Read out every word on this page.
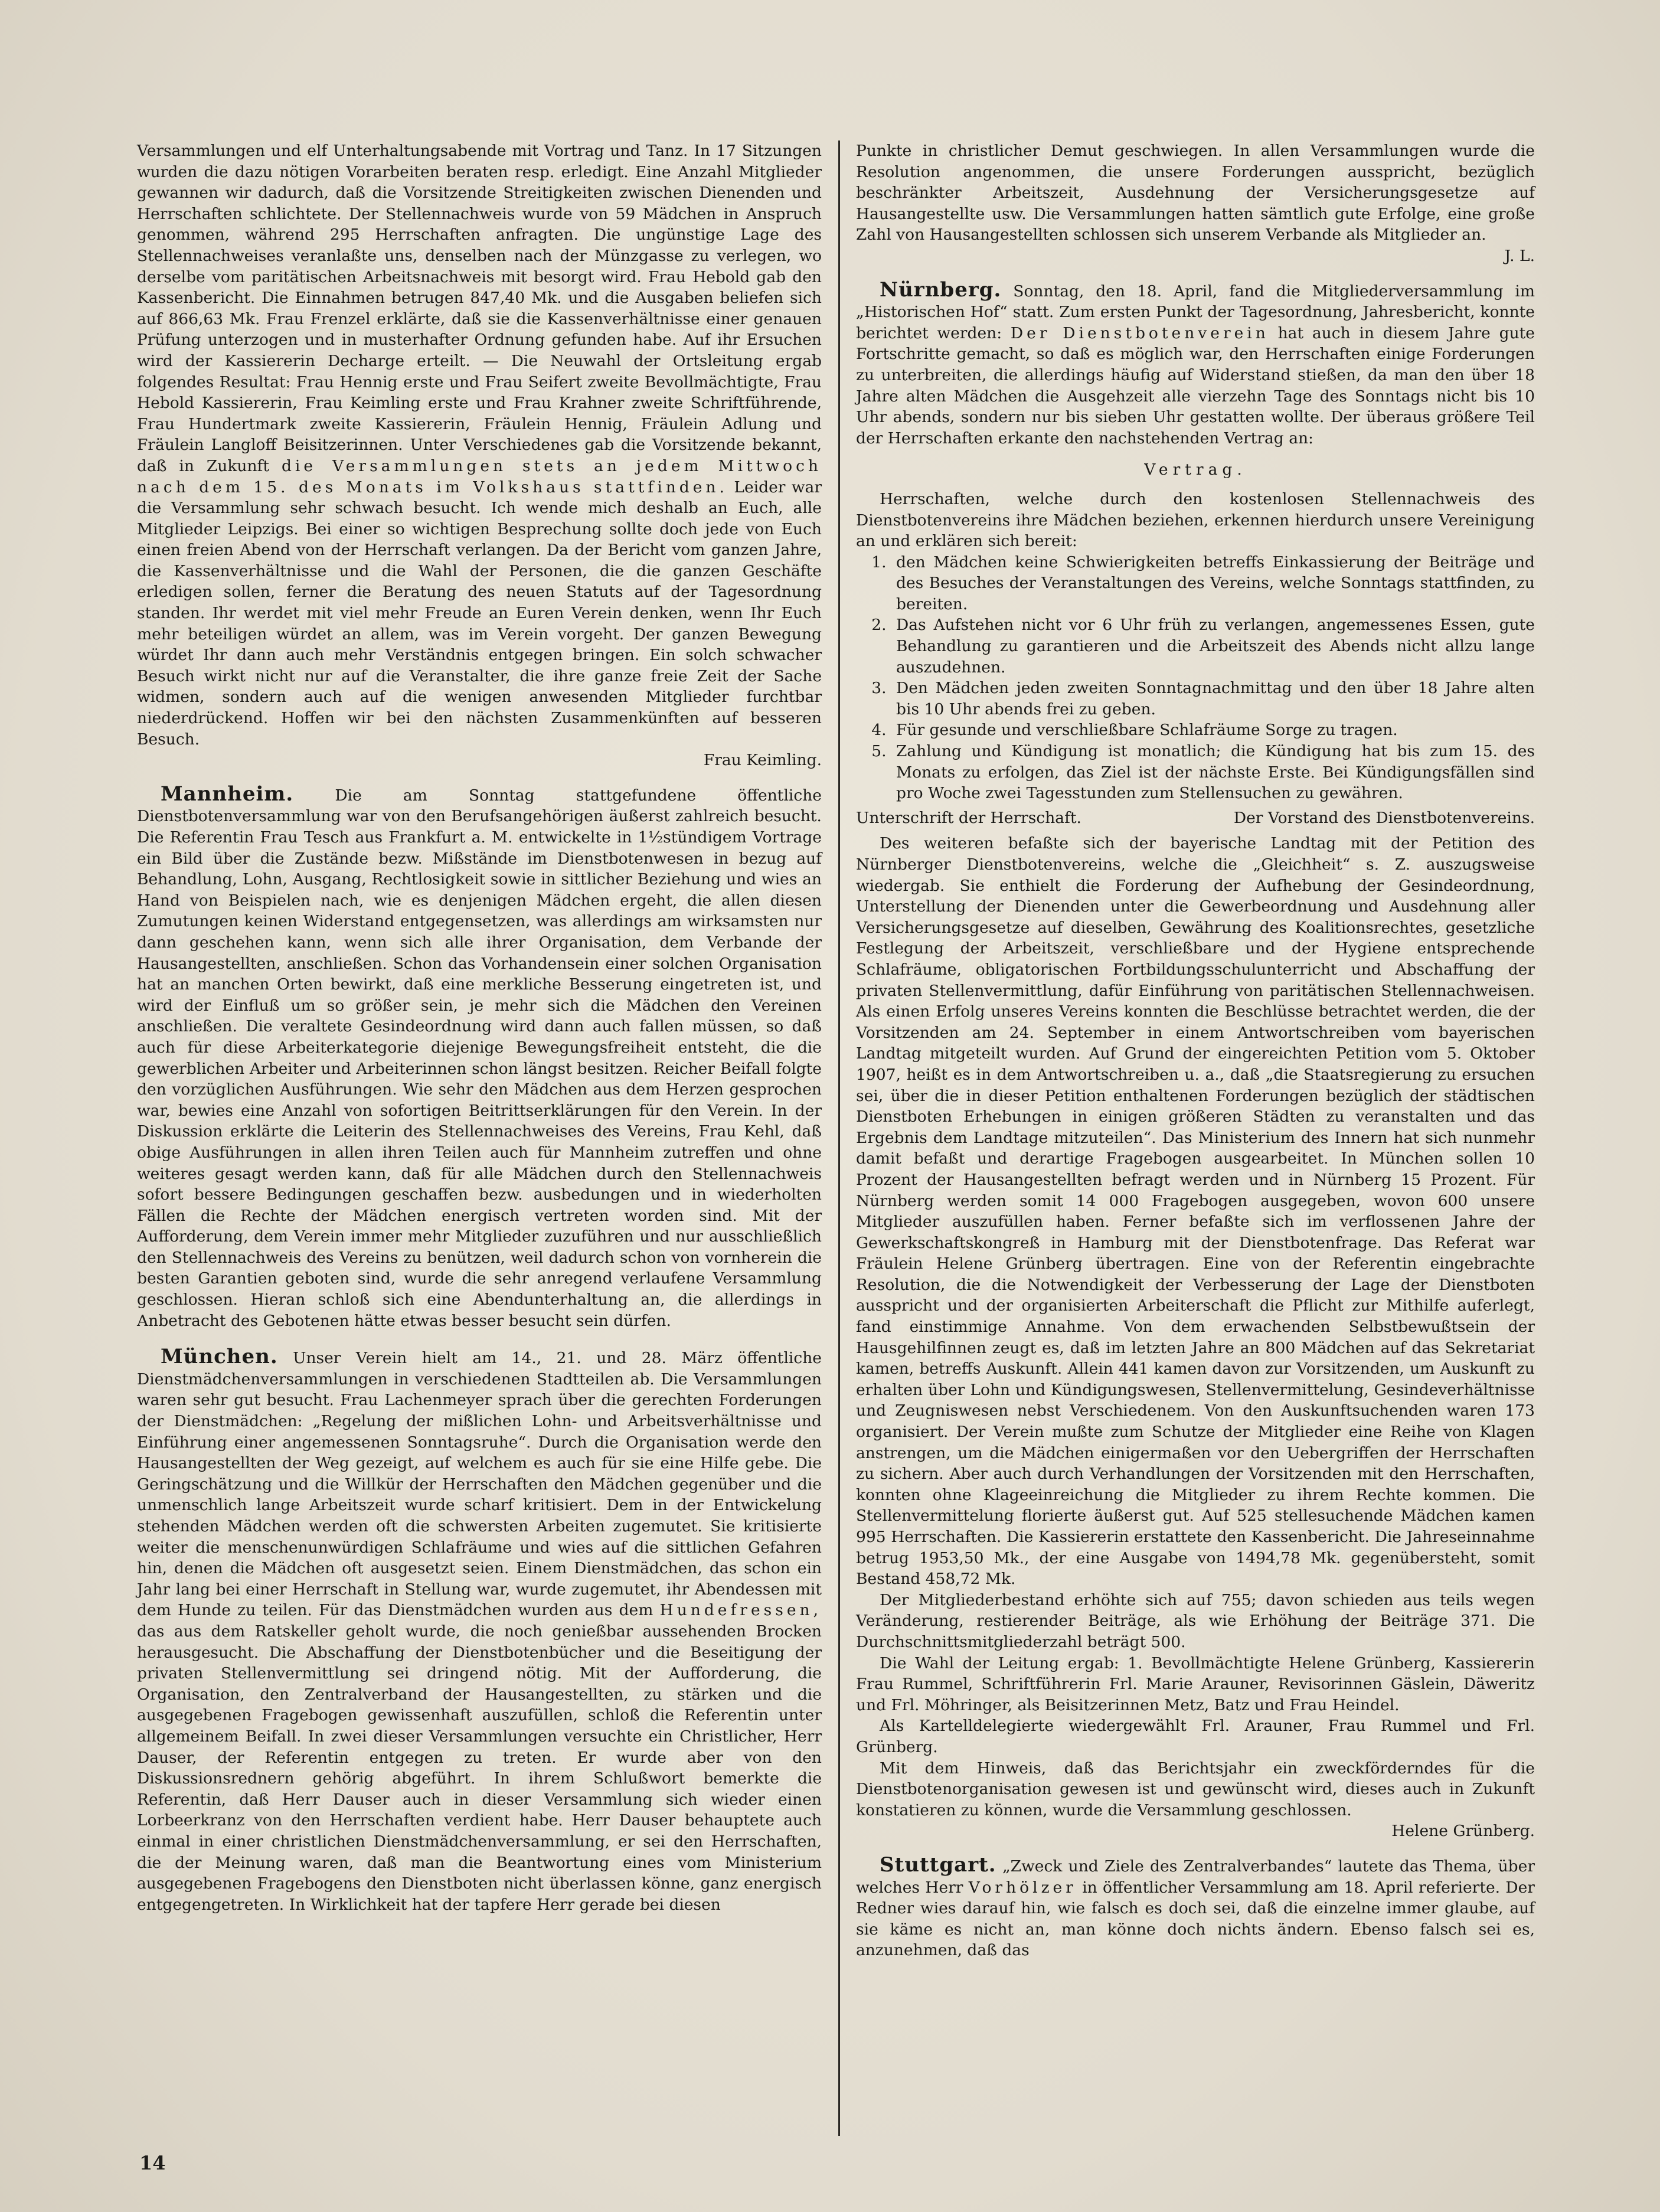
Versammlungen und elf Unterhaltungsabende mit Vortrag und Tanz. In 17 Sitzungen wurden die dazu nötigen Vorarbeiten beraten resp. erledigt. Eine Anzahl Mitglieder gewannen wir dadurch, daß die Vorsitzende Streitigkeiten zwischen Dienenden und Herrschaften schlichtete. Der Stellennachweis wurde von 59 Mädchen in Anspruch genommen, während 295 Herrschaften anfragten. Die ungünstige Lage des Stellennachweises veranlaßte uns, denselben nach der Münzgasse zu verlegen, wo derselbe vom paritätischen Arbeitsnachweis mit besorgt wird. Frau Hebold gab den Kassenbericht. Die Einnahmen betrugen 847,40 Mk. und die Ausgaben beliefen sich auf 866,63 Mk. Frau Frenzel erklärte, daß sie die Kassenverhältnisse einer genauen Prüfung unterzogen und in musterhafter Ordnung gefunden habe. Auf ihr Ersuchen wird der Kassiererin Decharge erteilt. — Die Neuwahl der Ortsleitung ergab folgendes Resultat: Frau Hennig erste und Frau Seifert zweite Bevollmächtigte, Frau Hebold Kassiererin, Frau Keimling erste und Frau Krahner zweite Schriftführende, Frau Hundertmark zweite Kassiererin, Fräulein Hennig, Fräulein Adlung und Fräulein Langloff Beisitzerinnen. Unter Verschiedenes gab die Vorsitzende bekannt, daß in Zukunft die Versammlungen stets an jedem Mittwoch nach dem 15. des Monats im Volkshaus stattfinden. Leider war die Versammlung sehr schwach besucht. Ich wende mich deshalb an Euch, alle Mitglieder Leipzigs. Bei einer so wichtigen Besprechung sollte doch jede von Euch einen freien Abend von der Herrschaft verlangen. Da der Bericht vom ganzen Jahre, die Kassenverhältnisse und die Wahl der Personen, die die ganzen Geschäfte erledigen sollen, ferner die Beratung des neuen Statuts auf der Tagesordnung standen. Ihr werdet mit viel mehr Freude an Euren Verein denken, wenn Ihr Euch mehr beteiligen würdet an allem, was im Verein vorgeht. Der ganzen Bewegung würdet Ihr dann auch mehr Verständnis entgegen bringen. Ein solch schwacher Besuch wirkt nicht nur auf die Veranstalter, die ihre ganze freie Zeit der Sache widmen, sondern auch auf die wenigen anwesenden Mitglieder furchtbar niederdrückend. Hoffen wir bei den nächsten Zusammenkünften auf besseren Besuch.

Frau Keimling.

Mannheim.	Die am Sonntag stattgefundene öffentliche Dienstbotenversammlung war von den Berufsangehörigen äußerst zahlreich besucht. Die Referentin Frau Tesch aus Frankfurt a. M. entwickelte in 1½stündigem Vortrage ein Bild über die Zustände bezw. Mißstände im Dienstbotenwesen in bezug auf Behandlung, Lohn, Ausgang, Rechtlosigkeit sowie in sittlicher Beziehung und wies an Hand von Beispielen nach, wie es denjenigen Mädchen ergeht, die allen diesen Zumutungen keinen Widerstand entgegensetzen, was allerdings am wirksamsten nur dann geschehen kann, wenn sich alle ihrer Organisation, dem Verbande der Hausangestellten, anschließen. Schon das Vorhandensein einer solchen Organisation hat an manchen Orten bewirkt, daß eine merkliche Besserung eingetreten ist, und wird der Einfluß um so größer sein, je mehr sich die Mädchen den Vereinen anschließen. Die veraltete Gesindeordnung wird dann auch fallen müssen, so daß auch für diese Arbeiterkategorie diejenige Bewegungsfreiheit entsteht, die die gewerblichen Arbeiter und Arbeiterinnen schon längst besitzen. Reicher Beifall folgte den vorzüglichen Ausführungen. Wie sehr den Mädchen aus dem Herzen gesprochen war, bewies eine Anzahl von sofortigen Beitrittserklärungen für den Verein. In der Diskussion erklärte die Leiterin des Stellennachweises des Vereins, Frau Kehl, daß obige Ausführungen in allen ihren Teilen auch für Mannheim zutreffen und ohne weiteres gesagt werden kann, daß für alle Mädchen durch den Stellennachweis sofort bessere Bedingungen geschaffen bezw. ausbedungen und in wiederholten Fällen die Rechte der Mädchen energisch vertreten worden sind. Mit der Aufforderung, dem Verein immer mehr Mitglieder zuzuführen und nur ausschließlich den Stellennachweis des Vereins zu benützen, weil dadurch schon von vornherein die besten Garantien geboten sind, wurde die sehr anregend verlaufene Versammlung geschlossen. Hieran schloß sich eine Abendunterhaltung an, die allerdings in Anbetracht des Gebotenen hätte etwas besser besucht sein dürfen.

München. Unser Verein hielt am 14., 21. und 28. März öffentliche Dienstmädchenversammlungen in verschiedenen Stadtteilen ab. Die Versammlungen waren sehr gut besucht. Frau Lachenmeyer sprach über die gerechten Forderungen der Dienstmädchen: „Regelung der mißlichen Lohn- und Arbeitsverhältnisse und Einführung einer angemessenen Sonntagsruhe“. Durch die Organisation werde den Hausangestellten der Weg gezeigt, auf welchem es auch für sie eine Hilfe gebe. Die Geringschätzung und die Willkür der Herrschaften den Mädchen gegenüber und die unmenschlich lange Arbeitszeit wurde scharf kritisiert. Dem in der Entwickelung stehenden Mädchen werden oft die schwersten Arbeiten zugemutet. Sie kritisierte weiter die menschenunwürdigen Schlafräume und wies auf die sittlichen Gefahren hin, denen die Mädchen oft ausgesetzt seien. Einem Dienstmädchen, das schon ein Jahr lang bei einer Herrschaft in Stellung war, wurde zugemutet, ihr Abendessen mit dem Hunde zu teilen. Für das Dienstmädchen wurden aus dem Hundefressen, das aus dem Ratskeller geholt wurde, die noch genießbar aussehenden Brocken herausgesucht. Die Abschaffung der Dienstbotenbücher und die Beseitigung der privaten Stellenvermittlung sei dringend nötig. Mit der Aufforderung, die Organisation, den Zentralverband der Hausangestellten, zu stärken und die ausgegebenen Fragebogen gewissenhaft auszufüllen, schloß die Referentin unter allgemeinem Beifall. In zwei dieser Versammlungen versuchte ein Christlicher, Herr Dauser, der Referentin entgegen zu treten. Er wurde aber von den Diskussionsrednern gehörig abgeführt. In ihrem Schlußwort bemerkte die Referentin, daß Herr Dauser auch in dieser Versammlung sich wieder einen Lorbeerkranz von den Herrschaften verdient habe. Herr Dauser behauptete auch einmal in einer christlichen Dienstmädchenversammlung, er sei den Herrschaften, die der Meinung waren, daß man die Beantwortung eines vom Ministerium ausgegebenen Fragebogens den Dienstboten nicht überlassen könne, ganz energisch entgegengetreten. In Wirklichkeit hat der tapfere Herr gerade bei diesen

Punkte in christlicher Demut geschwiegen. In allen Versammlungen wurde die Resolution angenommen, die unsere Forderungen ausspricht, bezüglich beschränkter Arbeitszeit, Ausdehnung der Versicherungsgesetze auf Hausangestellte usw. Die Versammlungen hatten sämtlich gute Erfolge, eine große Zahl von Hausangestellten schlossen sich unserem Verbande als Mitglieder an.

J. L.

Nürnberg. Sonntag, den 18. April, fand die Mitgliederversammlung im „Historischen Hof“ statt. Zum ersten Punkt der Tagesordnung, Jahresbericht, konnte berichtet werden: Der Dienstbotenverein hat auch in diesem Jahre gute Fortschritte gemacht, so daß es möglich war, den Herrschaften einige Forderungen zu unterbreiten, die allerdings häufig auf Widerstand stießen, da man den über 18 Jahre alten Mädchen die Ausgehzeit alle vierzehn Tage des Sonntags nicht bis 10 Uhr abends, sondern nur bis sieben Uhr gestatten wollte. Der überaus größere Teil der Herrschaften erkante den nachstehenden Vertrag an:

Vertrag.

Herrschaften, welche durch den kostenlosen Stellennachweis des Dienstbotenvereins ihre Mädchen beziehen, erkennen hierdurch unsere Vereinigung an und erklären sich bereit:

1. den Mädchen keine Schwierigkeiten betreffs Einkassierung der Beiträge und des Besuches der Veranstaltungen des Vereins, welche Sonntags stattfinden, zu bereiten.
2. Das Aufstehen nicht vor 6 Uhr früh zu verlangen, angemessenes Essen, gute Behandlung zu garantieren und die Arbeitszeit des Abends nicht allzu lange auszudehnen.
3. Den Mädchen jeden zweiten Sonntagnachmittag und den über 18 Jahre alten bis 10 Uhr abends frei zu geben.
4. Für gesunde und verschließbare Schlafräume Sorge zu tragen.
5. Zahlung und Kündigung ist monatlich; die Kündigung hat bis zum 15. des Monats zu erfolgen, das Ziel ist der nächste Erste. Bei Kündigungsfällen sind pro Woche zwei Tagesstunden zum Stellensuchen zu gewähren.
Unterschrift der Herrschaft.	Der Vorstand des Dienstbotenvereins.

Des weiteren befaßte sich der bayerische Landtag mit der Petition des Nürnberger Dienstbotenvereins, welche die „Gleichheit“ s. Z. auszugsweise wiedergab. Sie enthielt die Forderung der Aufhebung der Gesindeordnung, Unterstellung der Dienenden unter die Gewerbeordnung und Ausdehnung aller Versicherungsgesetze auf dieselben, Gewährung des Koalitionsrechtes, gesetzliche Festlegung der Arbeitszeit, verschließbare und der Hygiene entsprechende Schlafräume, obligatorischen Fortbildungsschulunterricht und Abschaffung der privaten Stellenvermittlung, dafür Einführung von paritätischen Stellennachweisen. Als einen Erfolg unseres Vereins konnten die Beschlüsse betrachtet werden, die der Vorsitzenden am 24. September in einem Antwortschreiben vom bayerischen Landtag mitgeteilt wurden. Auf Grund der eingereichten Petition vom 5. Oktober 1907, heißt es in dem Antwortschreiben u. a., daß „die Staatsregierung zu ersuchen sei, über die in dieser Petition enthaltenen Forderungen bezüglich der städtischen Dienstboten Erhebungen in einigen größeren Städten zu veranstalten und das Ergebnis dem Landtage mitzuteilen“. Das Ministerium des Innern hat sich nunmehr damit befaßt und derartige Fragebogen ausgearbeitet. In München sollen 10 Prozent der Hausangestellten befragt werden und in Nürnberg 15 Prozent. Für Nürnberg werden somit 14 000 Fragebogen ausgegeben, wovon 600 unsere Mitglieder auszufüllen haben. Ferner befaßte sich im verflossenen Jahre der Gewerkschaftskongreß in Hamburg mit der Dienstbotenfrage. Das Referat war Fräulein Helene Grünberg übertragen. Eine von der Referentin eingebrachte Resolution, die die Notwendigkeit der Verbesserung der Lage der Dienstboten ausspricht und der organisierten Arbeiterschaft die Pflicht zur Mithilfe auferlegt, fand einstimmige Annahme. Von dem erwachenden Selbstbewußtsein der Hausgehilfinnen zeugt es, daß im letzten Jahre an 800 Mädchen auf das Sekretariat kamen, betreffs Auskunft. Allein 441 kamen davon zur Vorsitzenden, um Auskunft zu erhalten über Lohn und Kündigungswesen, Stellenvermittelung, Gesindeverhältnisse und Zeugniswesen nebst Verschiedenem. Von den Auskunftsuchenden waren 173 organisiert. Der Verein mußte zum Schutze der Mitglieder eine Reihe von Klagen anstrengen, um die Mädchen einigermaßen vor den Uebergriffen der Herrschaften zu sichern. Aber auch durch Verhandlungen der Vorsitzenden mit den Herrschaften, konnten ohne Klageeinreichung die Mitglieder zu ihrem Rechte kommen. Die Stellenvermittelung florierte äußerst gut. Auf 525 stellesuchende Mädchen kamen 995 Herrschaften. Die Kassiererin erstattete den Kassenbericht. Die Jahreseinnahme betrug 1953,50 Mk., der eine Ausgabe von 1494,78 Mk. gegenübersteht, somit Bestand 458,72 Mk.

Der Mitgliederbestand erhöhte sich auf 755; davon schieden aus teils wegen Veränderung, restierender Beiträge, als wie Erhöhung der Beiträge 371. Die Durchschnittsmitgliederzahl beträgt 500.

Die Wahl der Leitung ergab: 1. Bevollmächtigte Helene Grünberg, Kassiererin Frau Rummel, Schriftführerin Frl. Marie Arauner, Revisorinnen Gäslein, Däweritz und Frl. Möhringer, als Beisitzerinnen Metz, Batz und Frau Heindel.

Als Kartelldelegierte wiedergewählt Frl. Arauner, Frau Rummel und Frl. Grünberg.

Mit dem Hinweis, daß das Berichtsjahr ein zweckförderndes für die Dienstbotenorganisation gewesen ist und gewünscht wird, dieses auch in Zukunft konstatieren zu können, wurde die Versammlung geschlossen.

Helene Grünberg.

Stuttgart. „Zweck und Ziele des Zentralverbandes“ lautete das Thema, über welches Herr Vorhölzer in öffentlicher Versammlung am 18. April referierte. Der Redner wies darauf hin, wie falsch es doch sei, daß die einzelne immer glaube, auf sie käme es nicht an, man könne doch nichts ändern. Ebenso falsch sei es, anzunehmen, daß das

14
